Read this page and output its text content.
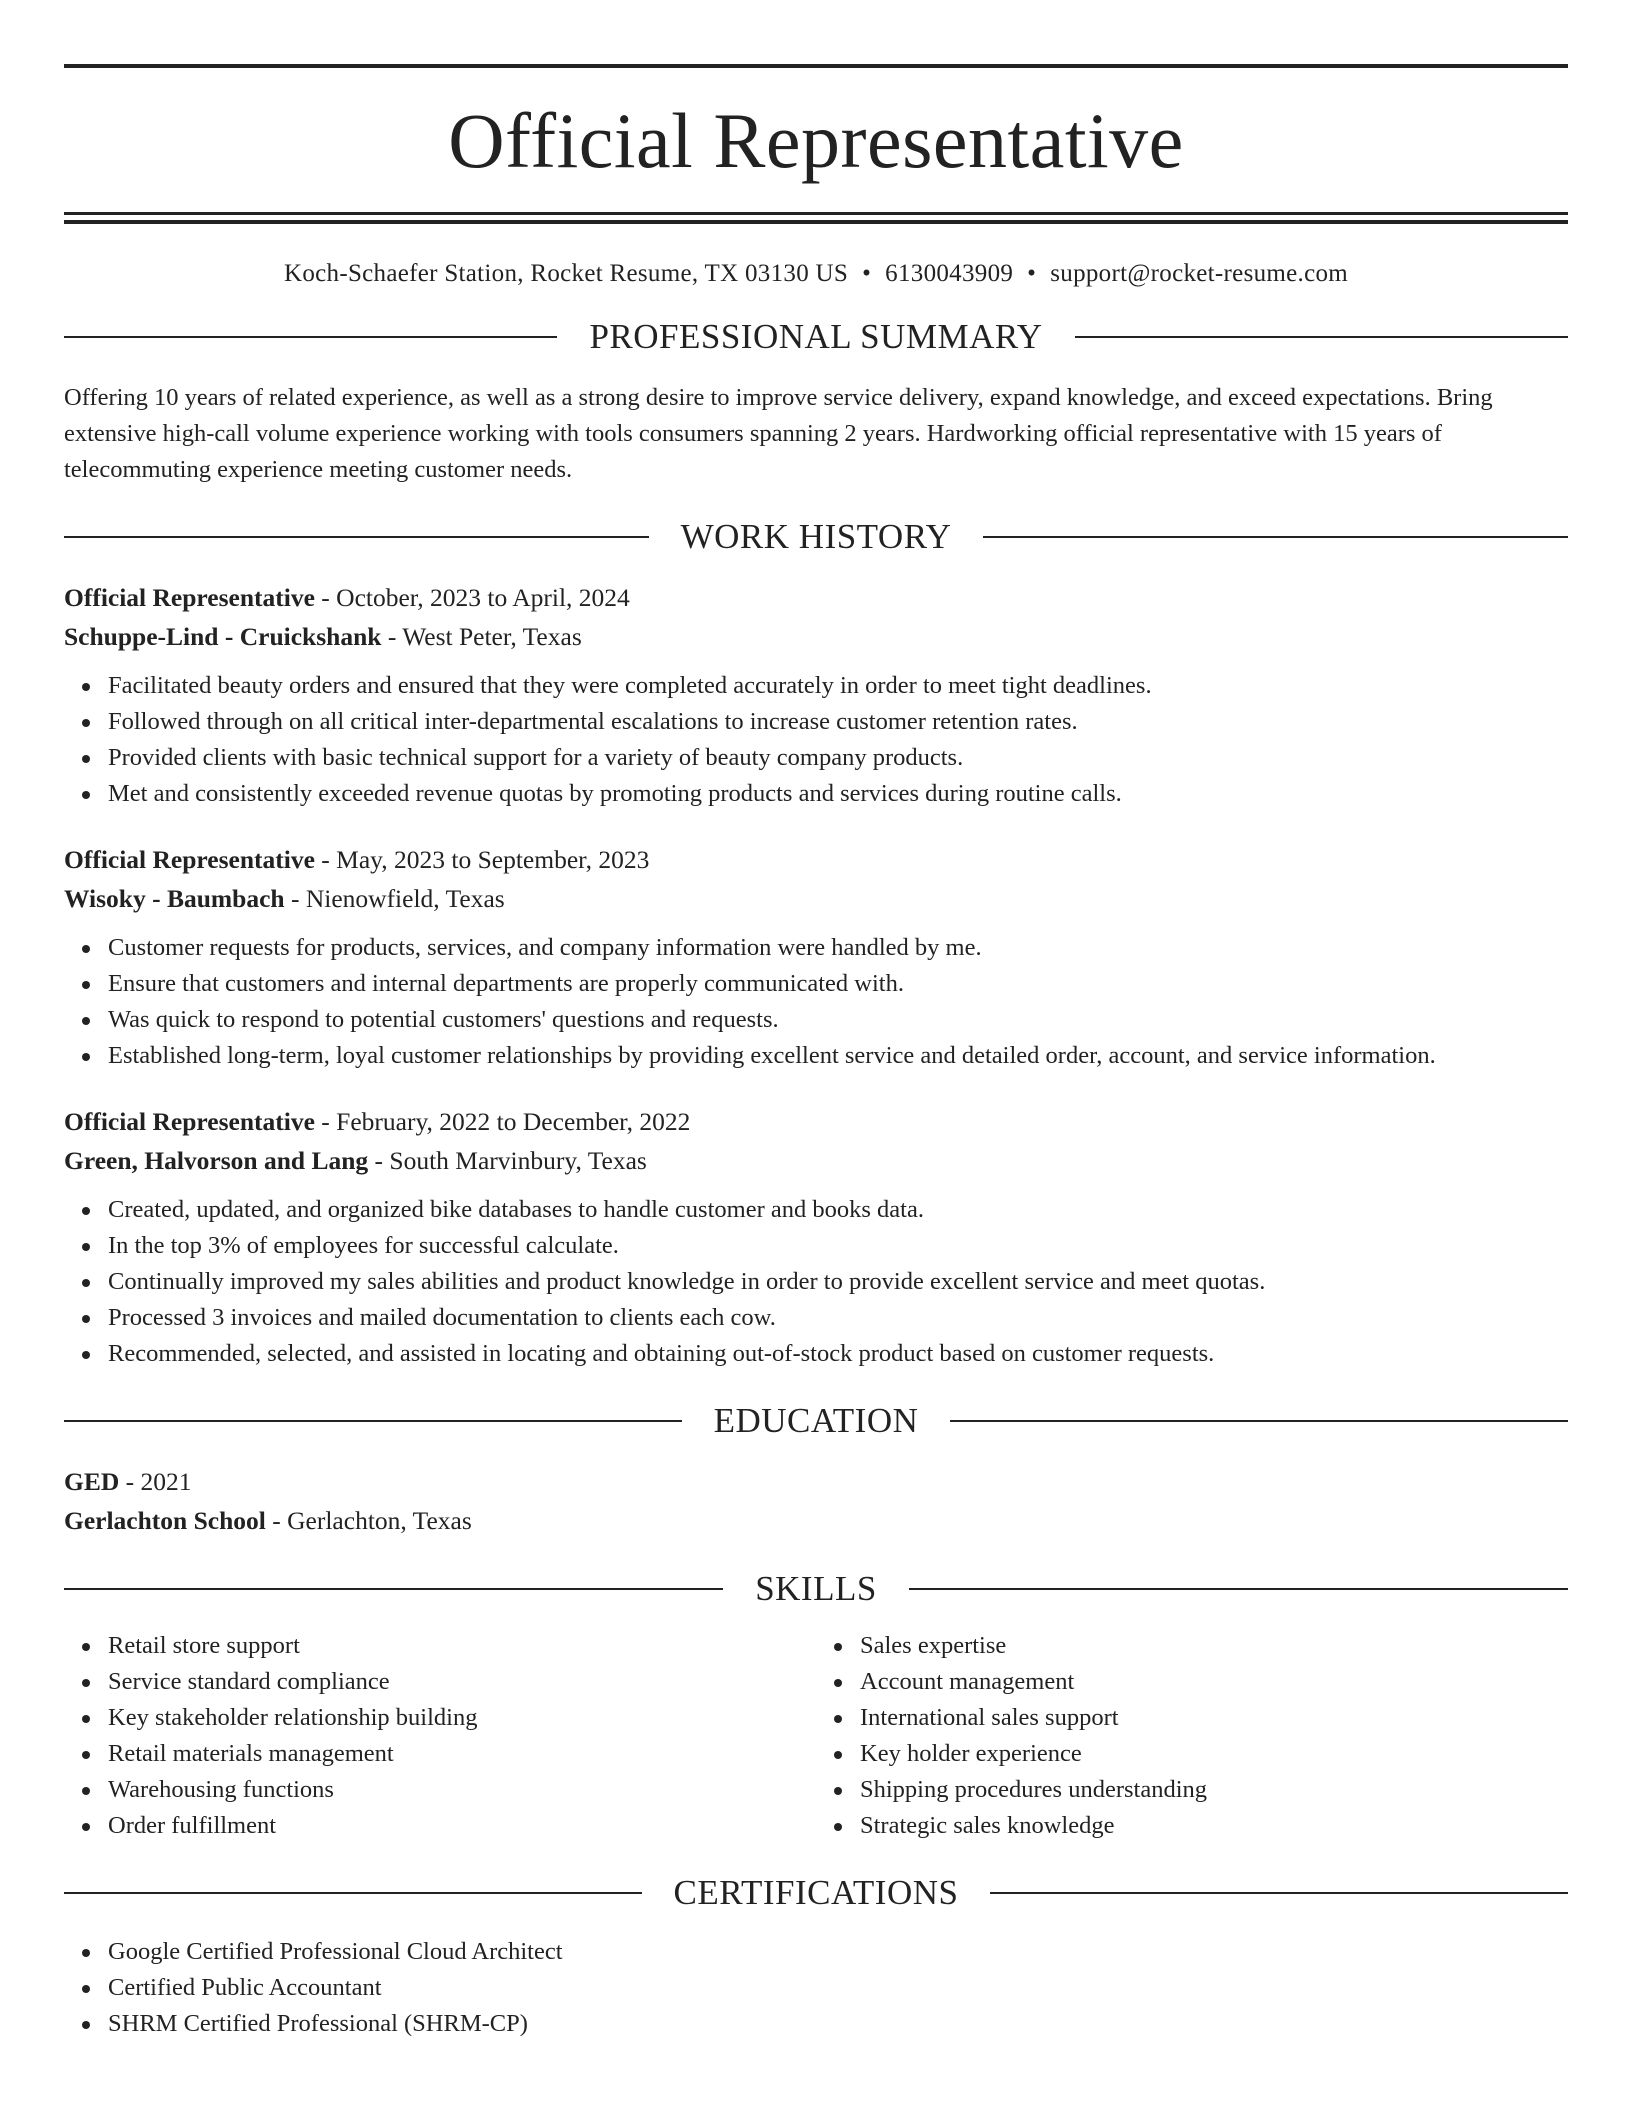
Official Representative
Koch-Schaefer Station, Rocket Resume, TX 03130 US • 6130043909 • support@rocket-resume.com
PROFESSIONAL SUMMARY
Offering 10 years of related experience, as well as a strong desire to improve service delivery, expand knowledge, and exceed expectations. Bring extensive high-call volume experience working with tools consumers spanning 2 years. Hardworking official representative with 15 years of telecommuting experience meeting customer needs.
WORK HISTORY
Official Representative - October, 2023 to April, 2024
Schuppe-Lind - Cruickshank - West Peter, Texas
Facilitated beauty orders and ensured that they were completed accurately in order to meet tight deadlines.
Followed through on all critical inter-departmental escalations to increase customer retention rates.
Provided clients with basic technical support for a variety of beauty company products.
Met and consistently exceeded revenue quotas by promoting products and services during routine calls.
Official Representative - May, 2023 to September, 2023
Wisoky - Baumbach - Nienowfield, Texas
Customer requests for products, services, and company information were handled by me.
Ensure that customers and internal departments are properly communicated with.
Was quick to respond to potential customers' questions and requests.
Established long-term, loyal customer relationships by providing excellent service and detailed order, account, and service information.
Official Representative - February, 2022 to December, 2022
Green, Halvorson and Lang - South Marvinbury, Texas
Created, updated, and organized bike databases to handle customer and books data.
In the top 3% of employees for successful calculate.
Continually improved my sales abilities and product knowledge in order to provide excellent service and meet quotas.
Processed 3 invoices and mailed documentation to clients each cow.
Recommended, selected, and assisted in locating and obtaining out-of-stock product based on customer requests.
EDUCATION
GED - 2021
Gerlachton School - Gerlachton, Texas
SKILLS
Retail store support
Service standard compliance
Key stakeholder relationship building
Retail materials management
Warehousing functions
Order fulfillment
Sales expertise
Account management
International sales support
Key holder experience
Shipping procedures understanding
Strategic sales knowledge
CERTIFICATIONS
Google Certified Professional Cloud Architect
Certified Public Accountant
SHRM Certified Professional (SHRM-CP)
